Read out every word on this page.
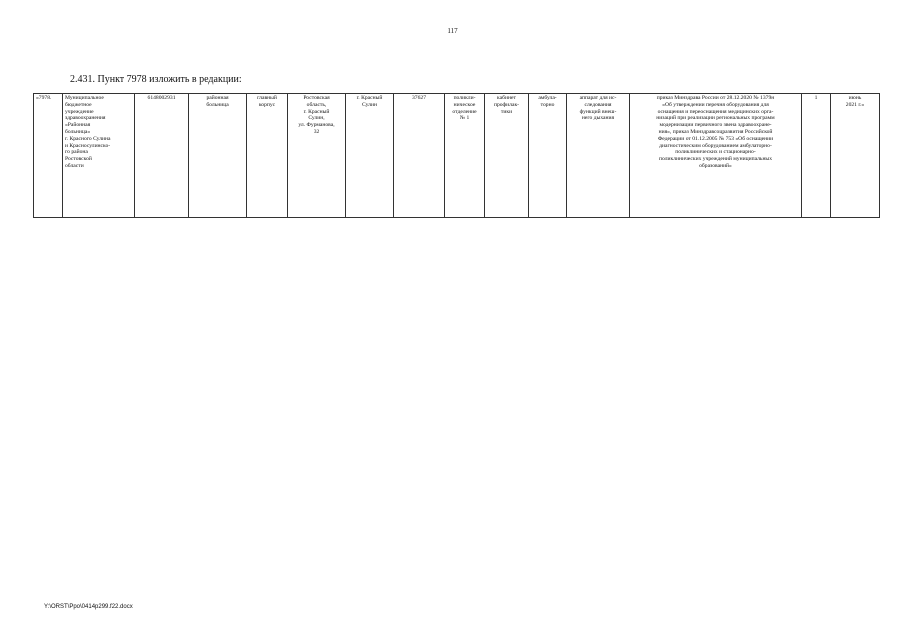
117
2.431. Пункт 7978 изложить в редакции:
«7978.	Муниципальное
бюджетное
учреждение
здравоохранения
«Районная
больница»
г. Красного Сулина
и Красносулинско-
го района
Ростовской
области	6148002931	районная
больница	главный
корпус	Ростовская
область,
г. Красный
Сулин,
ул. Фурманова,
32	г. Красный
Сулин	37627	поликли-
ническое
отделение
№ 1	кабинет
профилак-
тики	амбула-
торно	аппарат для ис-
следования
функций внеш-
него дыхания	приказ Минздрава России от 28.12.2020 № 1379н
«Об утверждении перечня оборудования для
оснащения и переоснащения медицинских орга-
низаций при реализации региональных программ
модернизации первичного звена здравоохране-
ния», приказ Минздравсоцразвития Российской
Федерации от 01.12.2005 № 753 «Об оснащении
диагностическим оборудованием амбулаторно-
поликлинических и стационарно-
поликлинических учреждений муниципальных
образований»	1	июнь
2021 г.»
Y:\ORST\Ppo\0414p299.f22.docx
